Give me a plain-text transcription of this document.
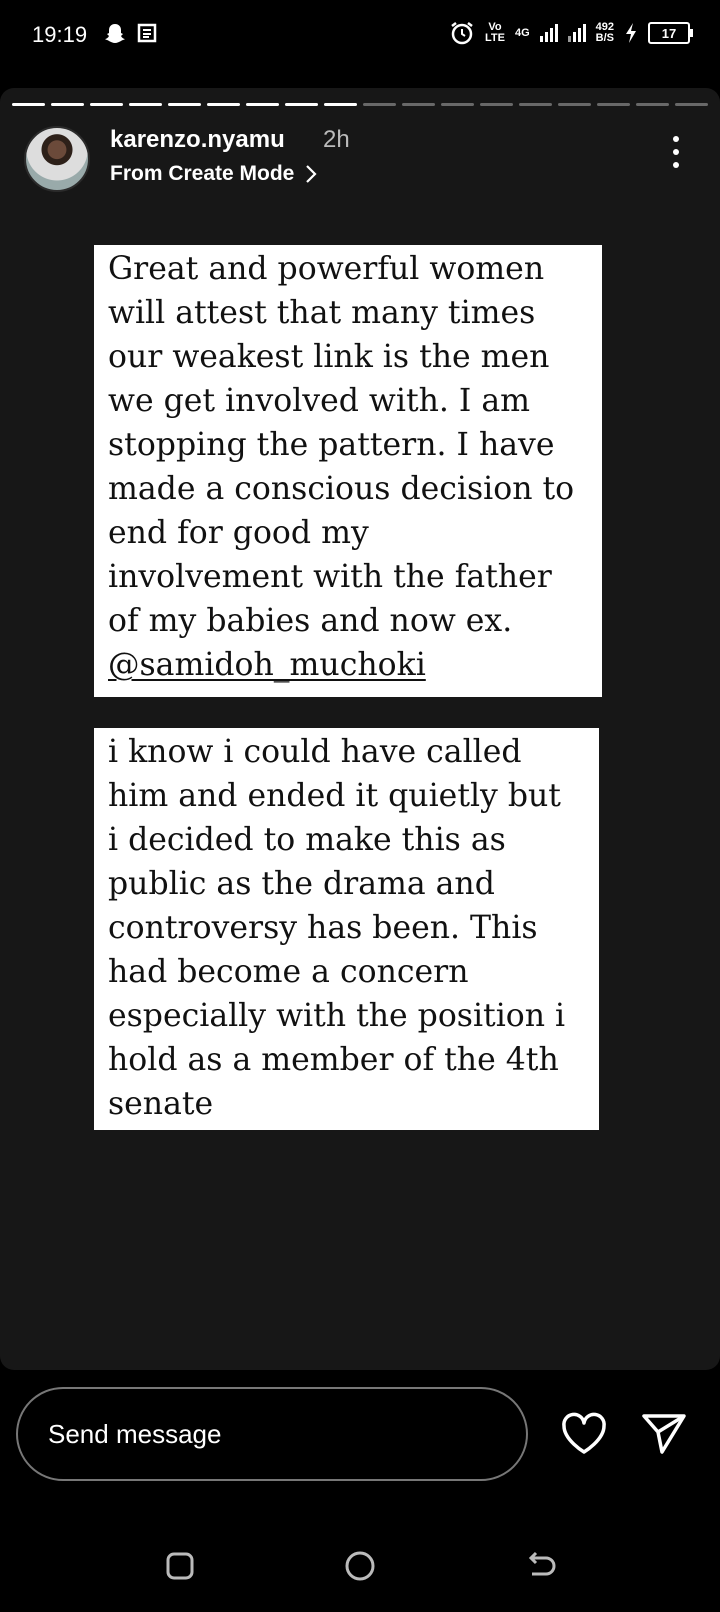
19:19	Vo
LTE 4G	492
B/S	17
karenzo.nyamu 2h
From Create Mode
Great and powerful women
will attest that many times
our weakest link is the men
we get involved with. I am
stopping the pattern. I have
made a conscious decision to
end for good my
involvement with the father
of my babies and now ex.
@samidoh_muchoki
i know i could have called
him and ended it quietly but
i decided to make this as
public as the drama and
controversy has been. This
had become a concern
especially with the position i
hold as a member of the 4th
senate
Send message
